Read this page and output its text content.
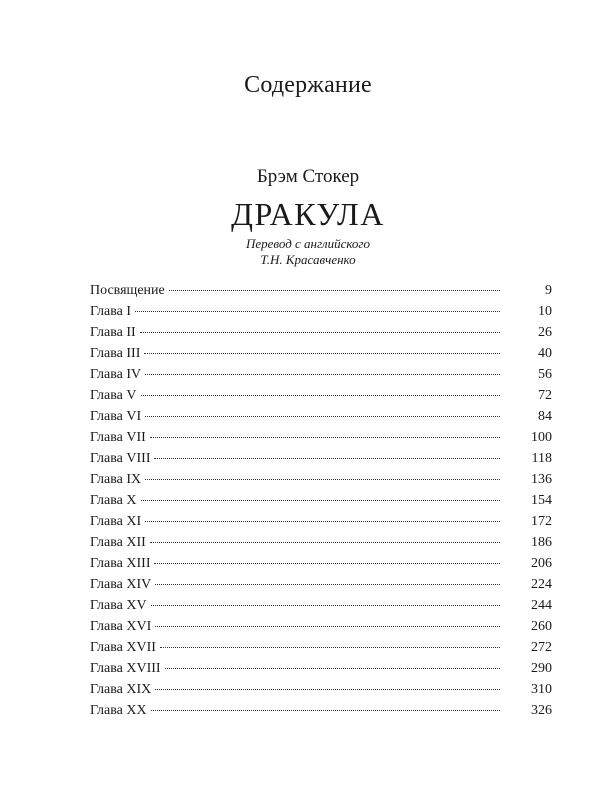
Содержание
Брэм Стокер
ДРАКУЛА
Перевод с английского
Т.Н. Красавченко
Посвящение	9
Глава I	10
Глава II	26
Глава III	40
Глава IV	56
Глава V	72
Глава VI	84
Глава VII	100
Глава VIII	118
Глава IX	136
Глава X	154
Глава XI	172
Глава XII	186
Глава XIII	206
Глава XIV	224
Глава XV	244
Глава XVI	260
Глава XVII	272
Глава XVIII	290
Глава XIX	310
Глава XX	326
